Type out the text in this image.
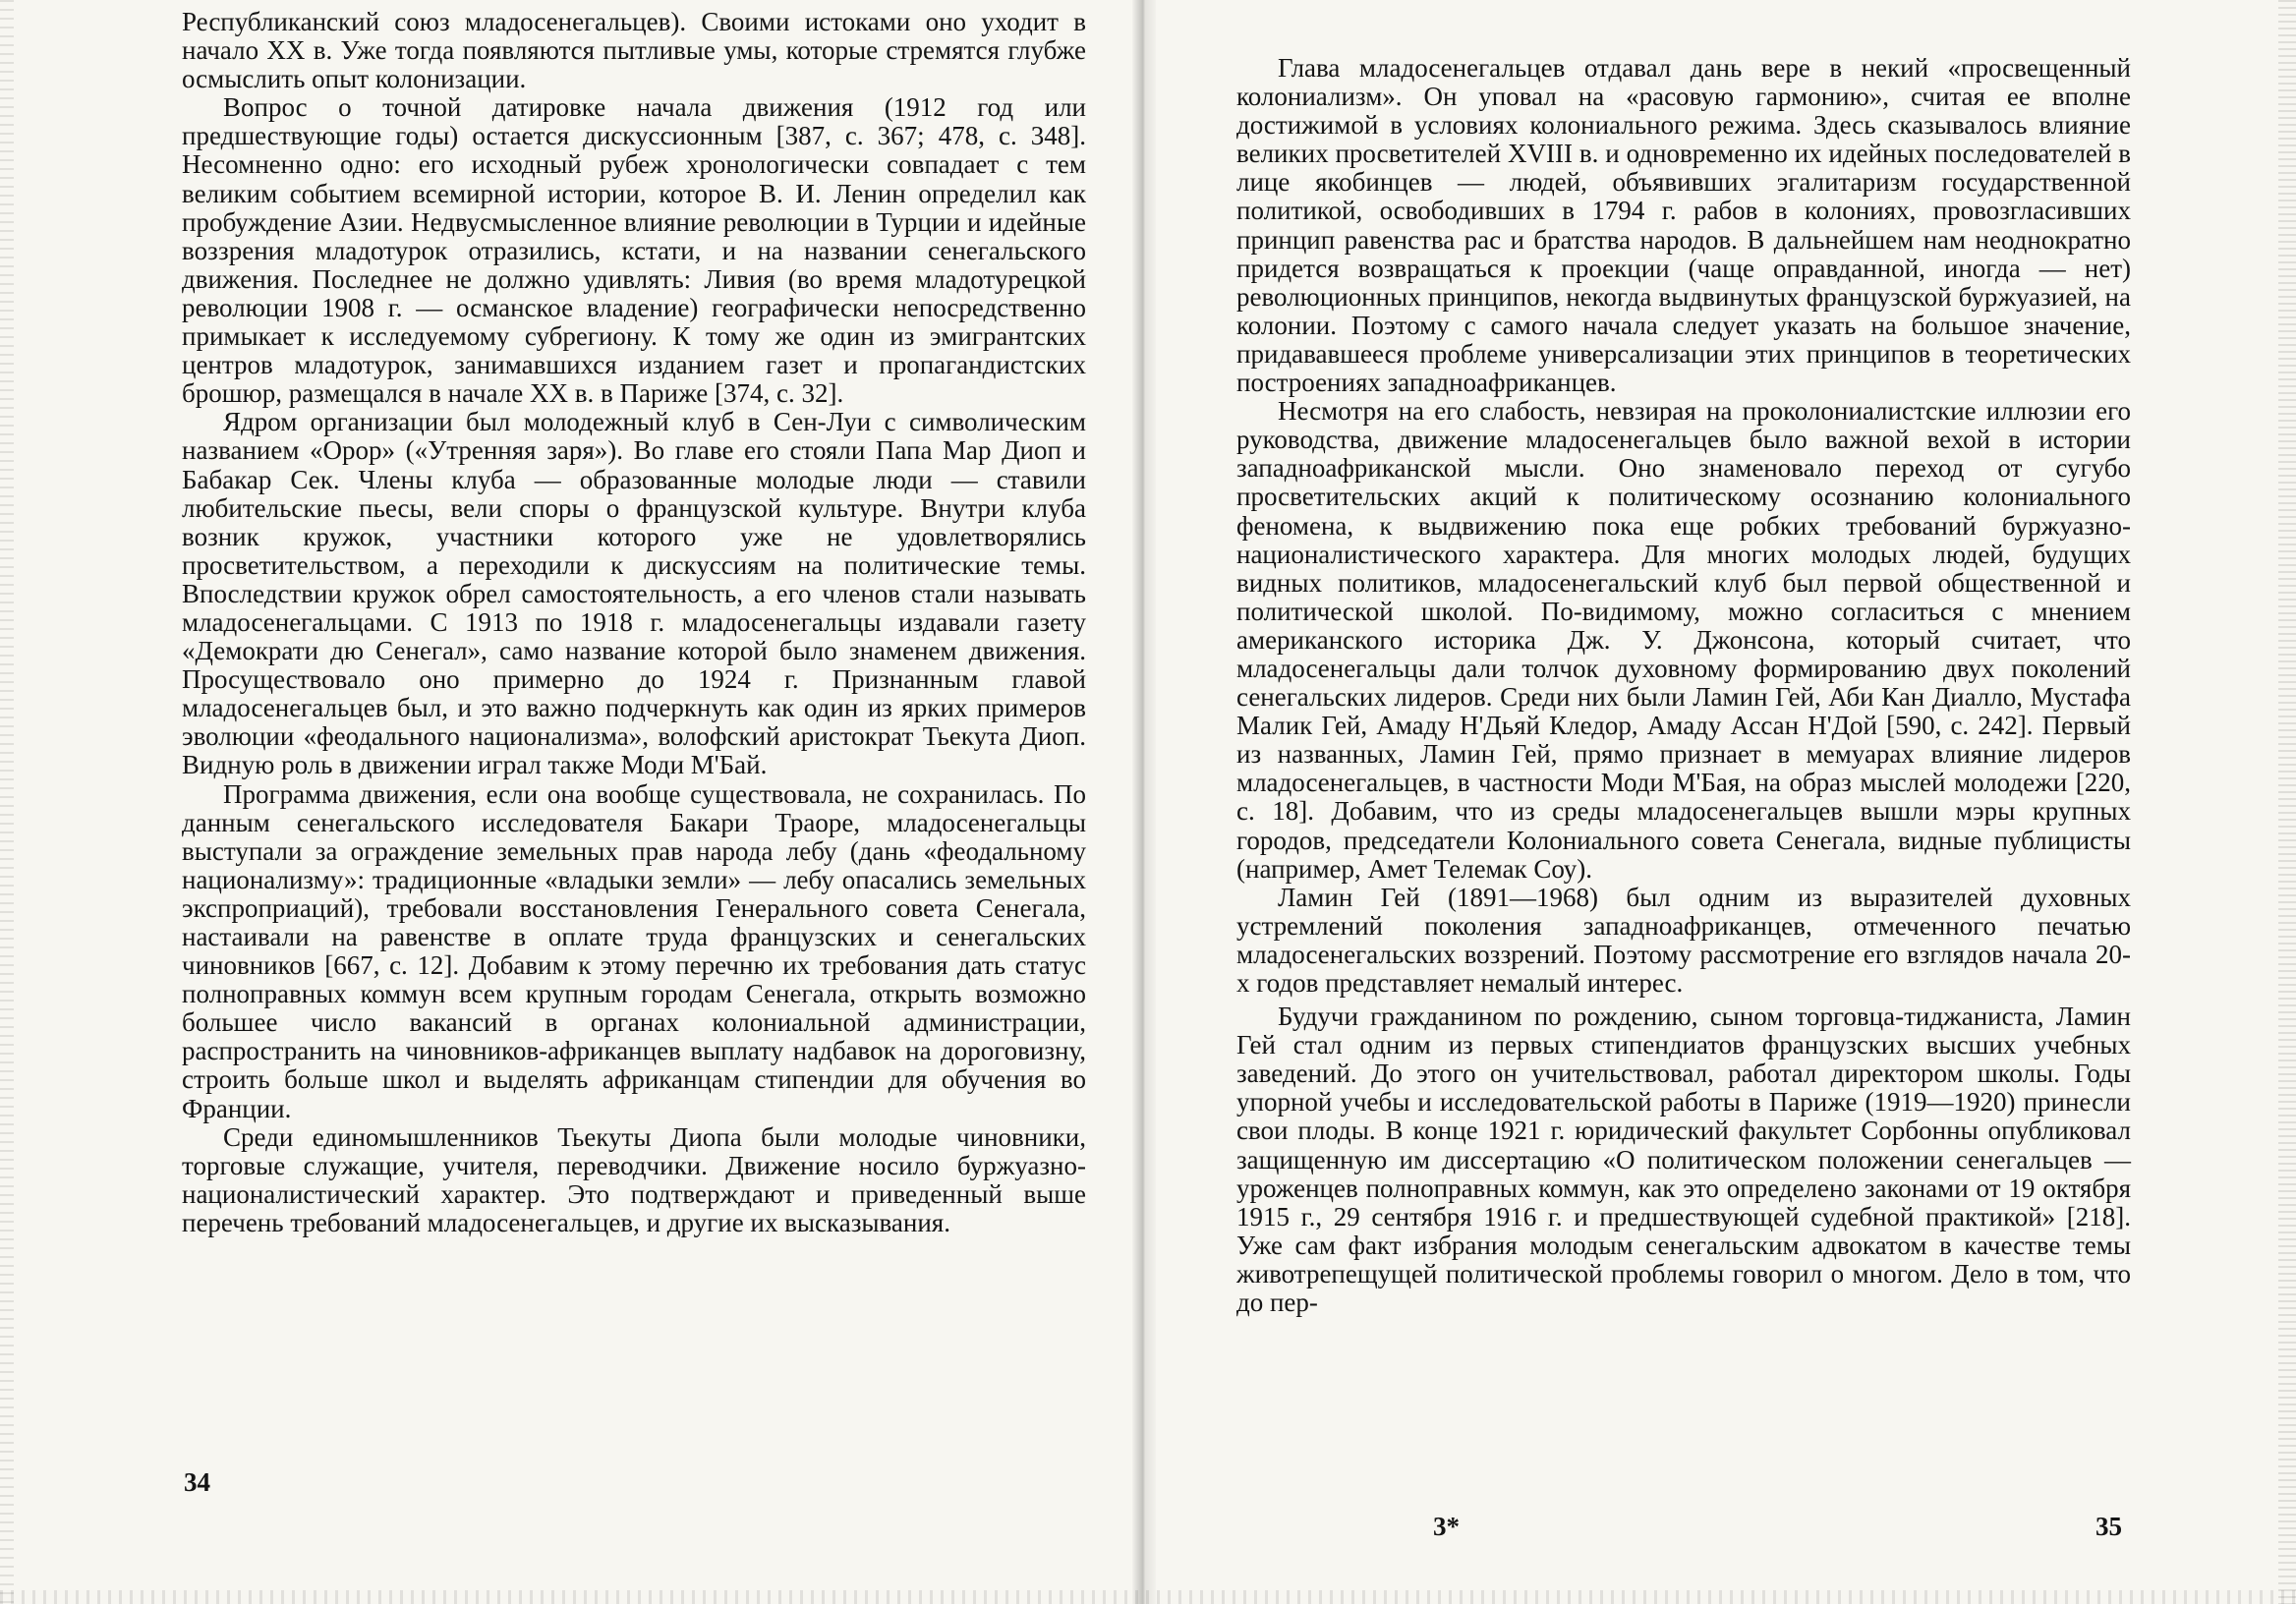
Республиканский союз младосенегальцев). Своими истоками оно уходит в начало XX в. Уже тогда появляются пытливые умы, которые стремятся глубже осмыслить опыт колонизации.

Вопрос о точной датировке начала движения (1912 год или предшествующие годы) остается дискуссионным [387, с. 367; 478, с. 348]. Несомненно одно: его исходный рубеж хронологически совпадает с тем великим событием всемирной истории, которое В. И. Ленин определил как пробуждение Азии. Недвусмысленное влияние революции в Турции и идейные воззрения младотурок отразились, кстати, и на названии сенегальского движения. Последнее не должно удивлять: Ливия (во время младотурецкой революции 1908 г. — османское владение) географически непосредственно примыкает к исследуемому субрегиону. К тому же один из эмигрантских центров младотурок, занимавшихся изданием газет и пропагандистских брошюр, размещался в начале XX в. в Париже [374, с. 32].

Ядром организации был молодежный клуб в Сен-Луи с символическим названием «Орор» («Утренняя заря»). Во главе его стояли Папа Мар Диоп и Бабакар Сек. Члены клуба — образованные молодые люди — ставили любительские пьесы, вели споры о французской культуре. Внутри клуба возник кружок, участники которого уже не удовлетворялись просветительством, а переходили к дискуссиям на политические темы. Впоследствии кружок обрел самостоятельность, а его членов стали называть младосенегальцами. С 1913 по 1918 г. младосенегальцы издавали газету «Демократи дю Сенегал», само название которой было знаменем движения. Просуществовало оно примерно до 1924 г. Признанным главой младосенегальцев был, и это важно подчеркнуть как один из ярких примеров эволюции «феодального национализма», волофский аристократ Тьекута Диоп. Видную роль в движении играл также Моди М'Бай.

Программа движения, если она вообще существовала, не сохранилась. По данным сенегальского исследователя Бакари Траоре, младосенегальцы выступали за ограждение земельных прав народа лебу (дань «феодальному национализму»: традиционные «владыки земли» — лебу опасались земельных экспроприаций), требовали восстановления Генерального совета Сенегала, настаивали на равенстве в оплате труда французских и сенегальских чиновников [667, с. 12]. Добавим к этому перечню их требования дать статус полноправных коммун всем крупным городам Сенегала, открыть возможно большее число вакансий в органах колониальной администрации, распространить на чиновников-африканцев выплату надбавок на дороговизну, строить больше школ и выделять африканцам стипендии для обучения во Франции.

Среди единомышленников Тьекуты Диопа были молодые чиновники, торговые служащие, учителя, переводчики. Движение носило буржуазно-националистический характер. Это подтверждают и приведенный выше перечень требований младосенегальцев, и другие их высказывания.

34

Глава младосенегальцев отдавал дань вере в некий «просвещенный колониализм». Он уповал на «расовую гармонию», считая ее вполне достижимой в условиях колониального режима. Здесь сказывалось влияние великих просветителей XVIII в. и одновременно их идейных последователей в лице якобинцев — людей, объявивших эгалитаризм государственной политикой, освободивших в 1794 г. рабов в колониях, провозгласивших принцип равенства рас и братства народов. В дальнейшем нам неоднократно придется возвращаться к проекции (чаще оправданной, иногда — нет) революционных принципов, некогда выдвинутых французской буржуазией, на колонии. Поэтому с самого начала следует указать на большое значение, придававшееся проблеме универсализации этих принципов в теоретических построениях западноафриканцев.

Несмотря на его слабость, невзирая на проколониалистские иллюзии его руководства, движение младосенегальцев было важной вехой в истории западноафриканской мысли. Оно знаменовало переход от сугубо просветительских акций к политическому осознанию колониального феномена, к выдвижению пока еще робких требований буржуазно-националистического характера. Для многих молодых людей, будущих видных политиков, младосенегальский клуб был первой общественной и политической школой. По-видимому, можно согласиться с мнением американского историка Дж. У. Джонсона, который считает, что младосенегальцы дали толчок духовному формированию двух поколений сенегальских лидеров. Среди них были Ламин Гей, Аби Кан Диалло, Мустафа Малик Гей, Амаду Н'Дьяй Кледор, Амаду Ассан Н'Дой [590, с. 242]. Первый из названных, Ламин Гей, прямо признает в мемуарах влияние лидеров младосенегальцев, в частности Моди М'Бая, на образ мыслей молодежи [220, с. 18]. Добавим, что из среды младосенегальцев вышли мэры крупных городов, председатели Колониального совета Сенегала, видные публицисты (например, Амет Телемак Соу).

Ламин Гей (1891—1968) был одним из выразителей духовных устремлений поколения западноафриканцев, отмеченного печатью младосенегальских воззрений. Поэтому рассмотрение его взглядов начала 20-х годов представляет немалый интерес.

Будучи гражданином по рождению, сыном торговца-тиджаниста, Ламин Гей стал одним из первых стипендиатов французских высших учебных заведений. До этого он учительствовал, работал директором школы. Годы упорной учебы и исследовательской работы в Париже (1919—1920) принесли свои плоды. В конце 1921 г. юридический факультет Сорбонны опубликовал защищенную им диссертацию «О политическом положении сенегальцев — уроженцев полноправных коммун, как это определено законами от 19 октября 1915 г., 29 сентября 1916 г. и предшествующей судебной практикой» [218]. Уже сам факт избрания молодым сенегальским адвокатом в качестве темы животрепещущей политической проблемы говорил о многом. Дело в том, что до пер-

3*	35
